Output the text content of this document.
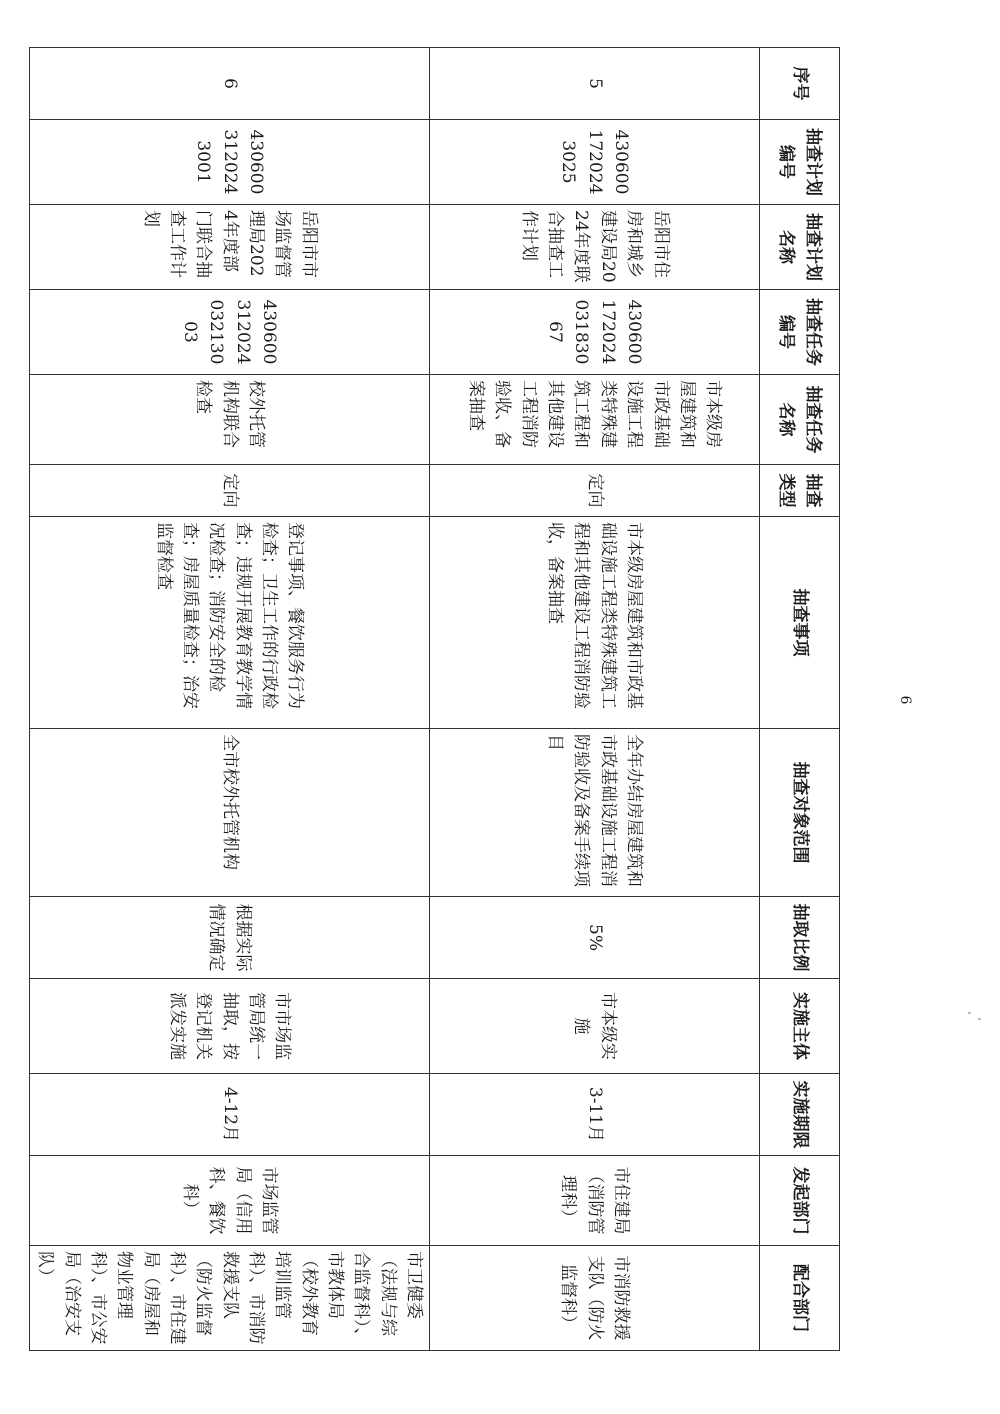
序号	抽查计划编号	抽查计划名称	抽查任务编号	抽查任务名称	抽查类型	抽查事项	抽查对象范围	抽取比例	实施主体	实施期限	发起部门	配合部门
5	4306001720243025	岳阳市住房和城乡建设局2024年度联合抽查工作计划	43060017202403183067	市本级房屋建筑和市政基础设施工程类特殊建筑工程和其他建设工程消防验收、备案抽查	定向	市本级房屋建筑和市政基础设施工程类特殊建筑工程和其他建设工程消防验收，备案抽查	全年办结房屋建筑和市政基础设施工程消防验收及备案手续项目	5%	市本级实施	3-11月	市住建局（消防管理科）	市消防救援支队（防火监督科）
6	4306003120243001	岳阳市市场监督管理局2024年度部门联合抽查工作计划	43060031202403213003	校外托管机构联合检查	定向	登记事项、餐饮服务行为检查；卫生工作的行政检查；违规开展教育教学情况检查；消防安全的检查；房屋质量检查；治安监督检查	全市校外托管机构	根据实际情况确定	市市场监管局统一抽取，按登记机关派发实施	4-12月	市场监管局（信用科、餐饮科）	市卫健委（法规与综合监督科）、市教体局（校外教育培训监管科）、市消防救援支队（防火监督科）、市住建局（房屋和物业管理科）、市公安局（治安支队）
6
